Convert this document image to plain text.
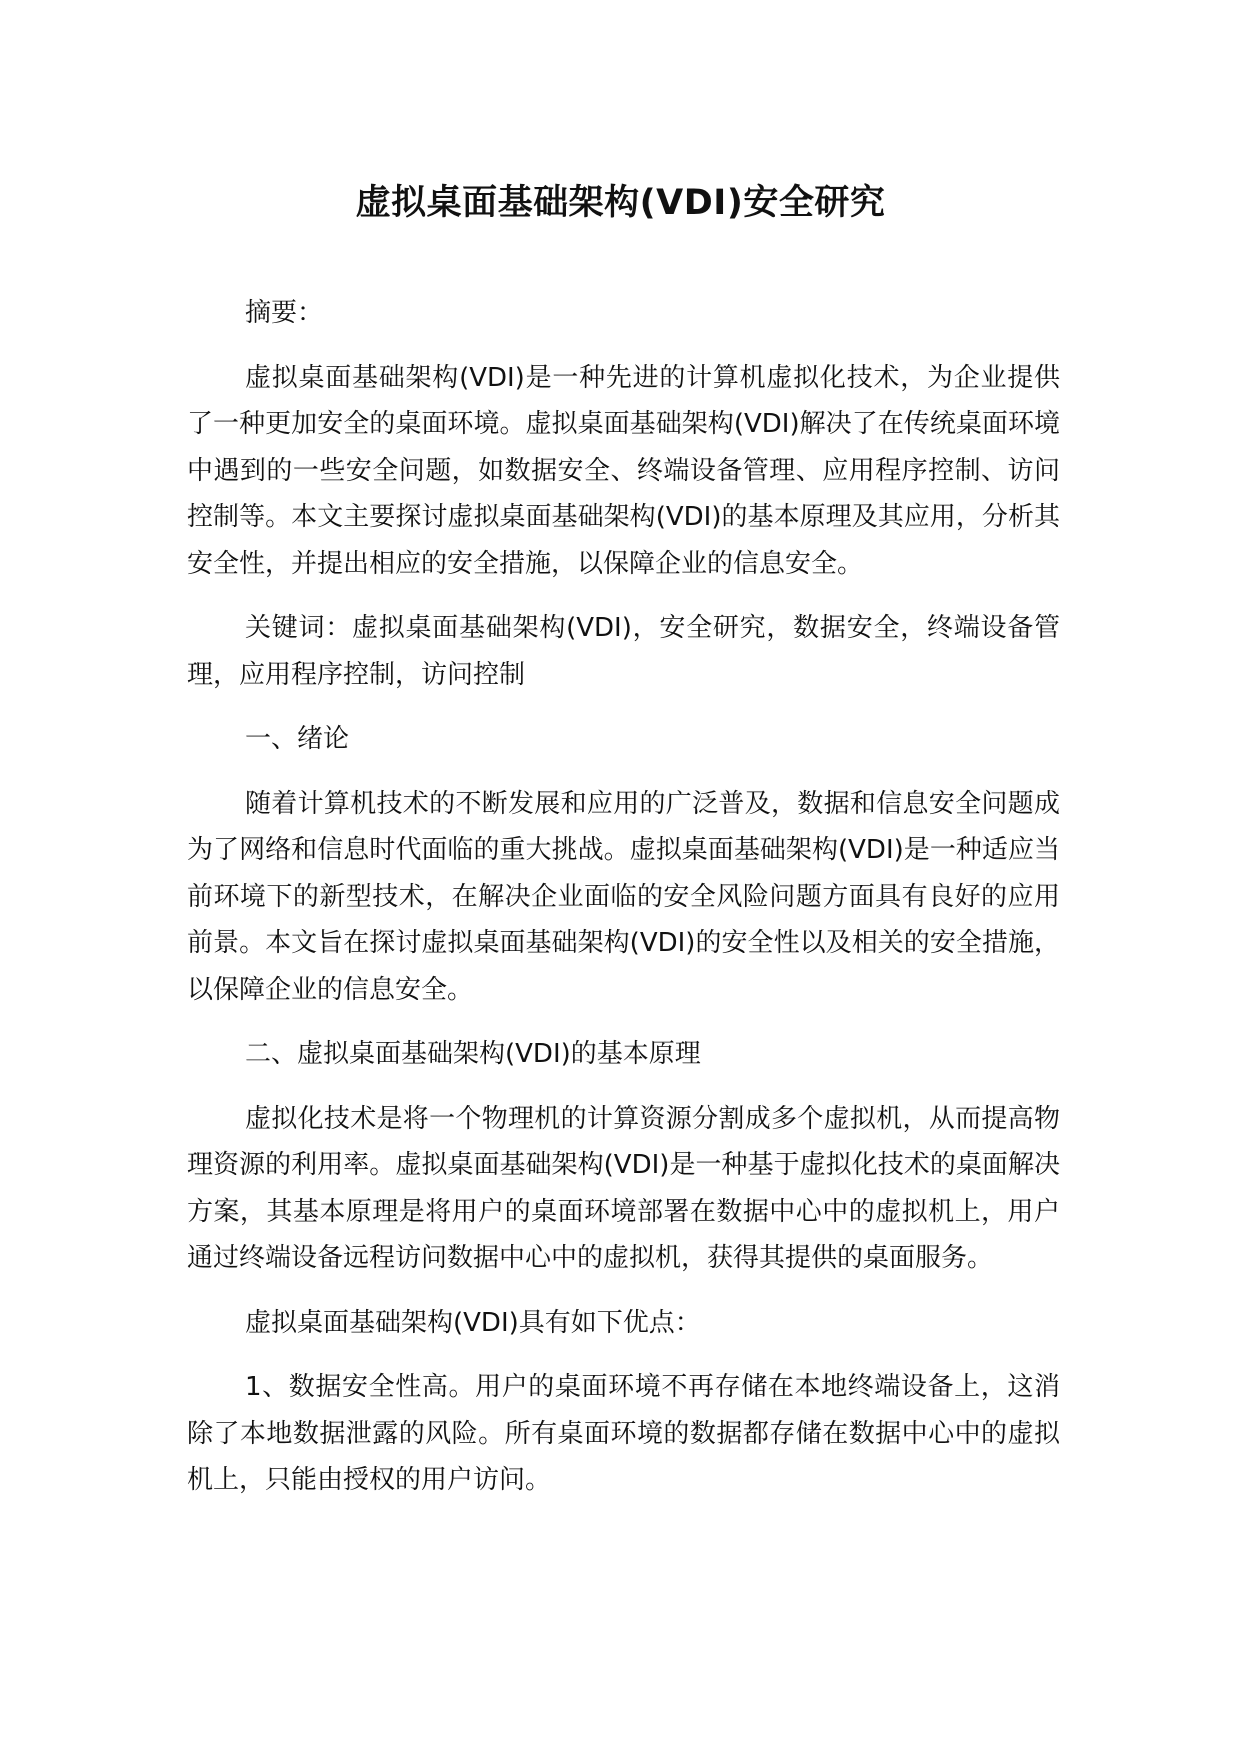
虚拟桌面基础架构(VDI)安全研究

摘要：

虚拟桌面基础架构(VDI)是一种先进的计算机虚拟化技术，为企业提供了一种更加安全的桌面环境。虚拟桌面基础架构(VDI)解决了在传统桌面环境中遇到的一些安全问题，如数据安全、终端设备管理、应用程序控制、访问控制等。本文主要探讨虚拟桌面基础架构(VDI)的基本原理及其应用，分析其安全性，并提出相应的安全措施，以保障企业的信息安全。

关键词：虚拟桌面基础架构(VDI)，安全研究，数据安全，终端设备管理，应用程序控制，访问控制

一、绪论

随着计算机技术的不断发展和应用的广泛普及，数据和信息安全问题成为了网络和信息时代面临的重大挑战。虚拟桌面基础架构(VDI)是一种适应当前环境下的新型技术，在解决企业面临的安全风险问题方面具有良好的应用前景。本文旨在探讨虚拟桌面基础架构(VDI)的安全性以及相关的安全措施，以保障企业的信息安全。

二、虚拟桌面基础架构(VDI)的基本原理

虚拟化技术是将一个物理机的计算资源分割成多个虚拟机，从而提高物理资源的利用率。虚拟桌面基础架构(VDI)是一种基于虚拟化技术的桌面解决方案，其基本原理是将用户的桌面环境部署在数据中心中的虚拟机上，用户通过终端设备远程访问数据中心中的虚拟机，获得其提供的桌面服务。

虚拟桌面基础架构(VDI)具有如下优点：

1、数据安全性高。用户的桌面环境不再存储在本地终端设备上，这消除了本地数据泄露的风险。所有桌面环境的数据都存储在数据中心中的虚拟机上，只能由授权的用户访问。
